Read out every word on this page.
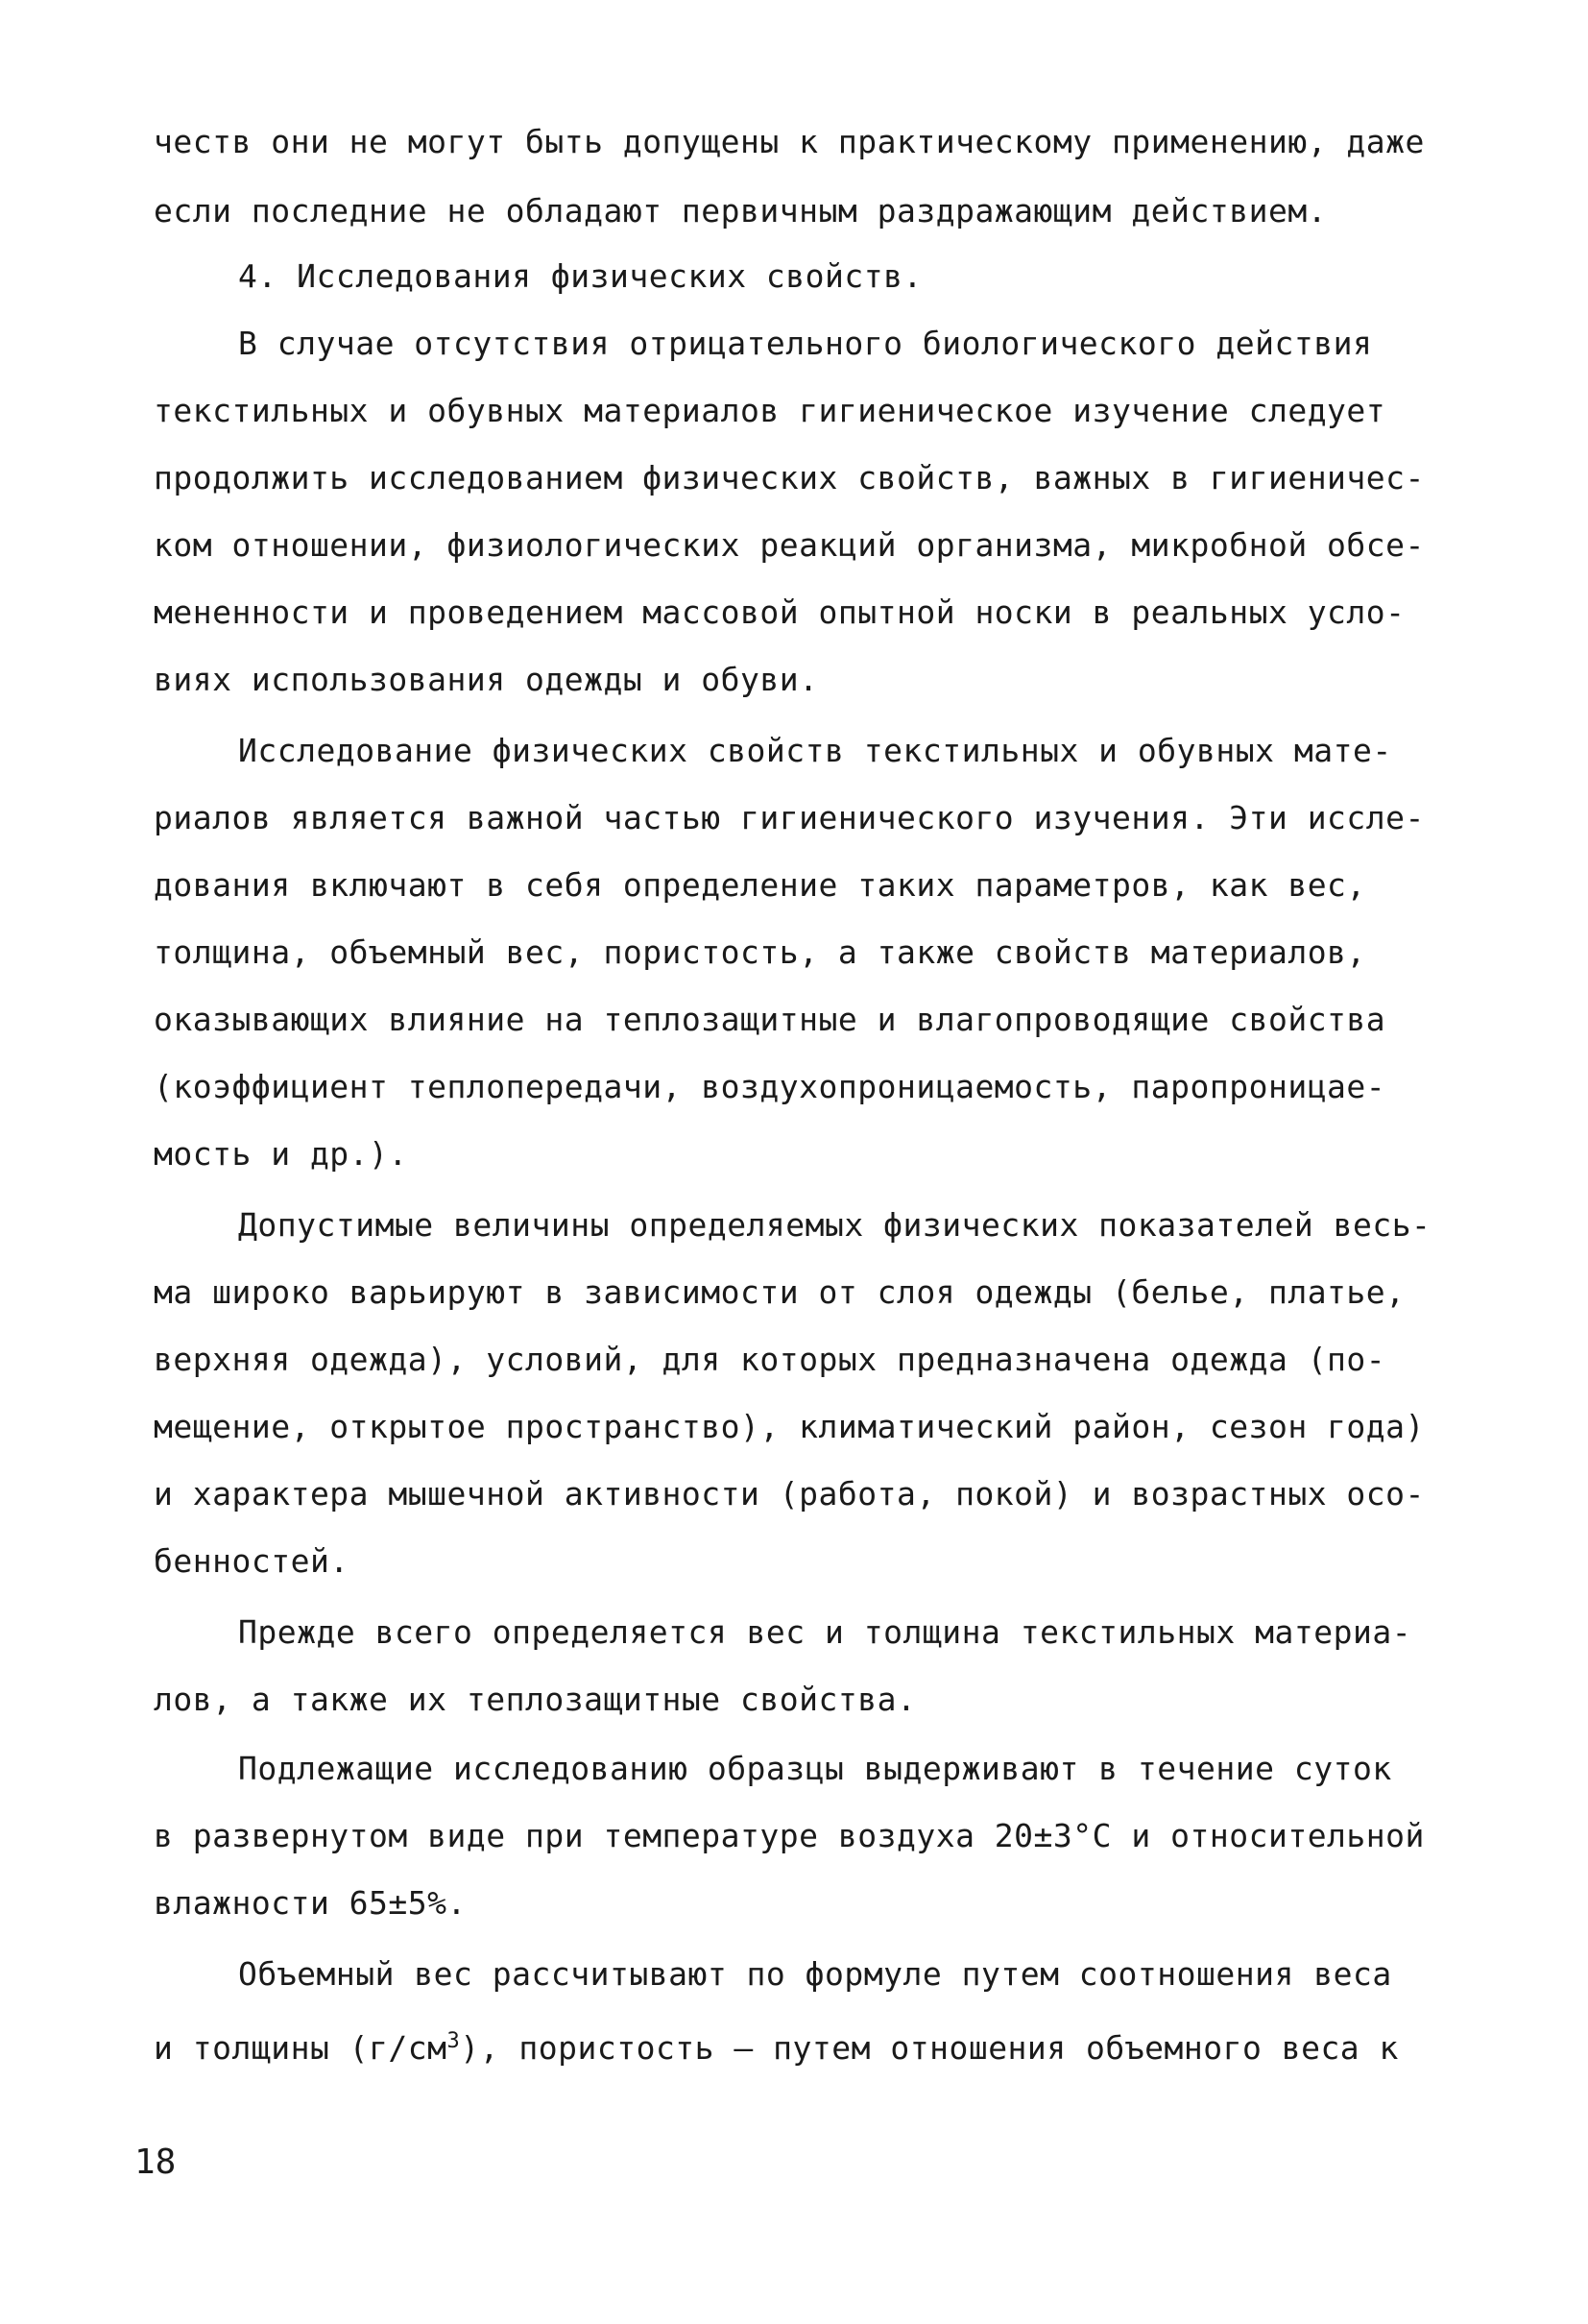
честв они не могут быть допущены к практическому применению, даже
если последние не обладают первичным раздражающим действием.
4. Исследования физических свойств.
В случае отсутствия отрицательного биологического действия
текстильных и обувных материалов гигиеническое изучение следует
продолжить исследованием физических свойств, важных в гигиеничес-
ком отношении, физиологических реакций организма, микробной обсе-
мененности и проведением массовой опытной носки в реальных усло-
виях использования одежды и обуви.
Исследование физических свойств текстильных и обувных мате-
риалов является важной частью гигиенического изучения. Эти иссле-
дования включают в себя определение таких параметров, как вес,
толщина, объемный вес, пористость, а также свойств материалов,
оказывающих влияние на теплозащитные и влагопроводящие свойства
(коэффициент теплопередачи, воздухопроницаемость, паропроницае-
мость и др.).
Допустимые величины определяемых физических показателей весь-
ма широко варьируют в зависимости от слоя одежды (белье, платье,
верхняя одежда), условий, для которых предназначена одежда (по-
мещение, открытое пространство), климатический район, сезон года)
и характера мышечной активности (работа, покой) и возрастных осо-
бенностей.
Прежде всего определяется вес и толщина текстильных материа-
лов, а также их теплозащитные свойства.
Подлежащие исследованию образцы выдерживают в течение суток
в развернутом виде при температуре воздуха 20±3°С и относительной
влажности 65±5%.
Объемный вес рассчитывают по формуле путем соотношения веса
и толщины $(г/см^3)$, пористость – путем отношения объемного веса к
18
